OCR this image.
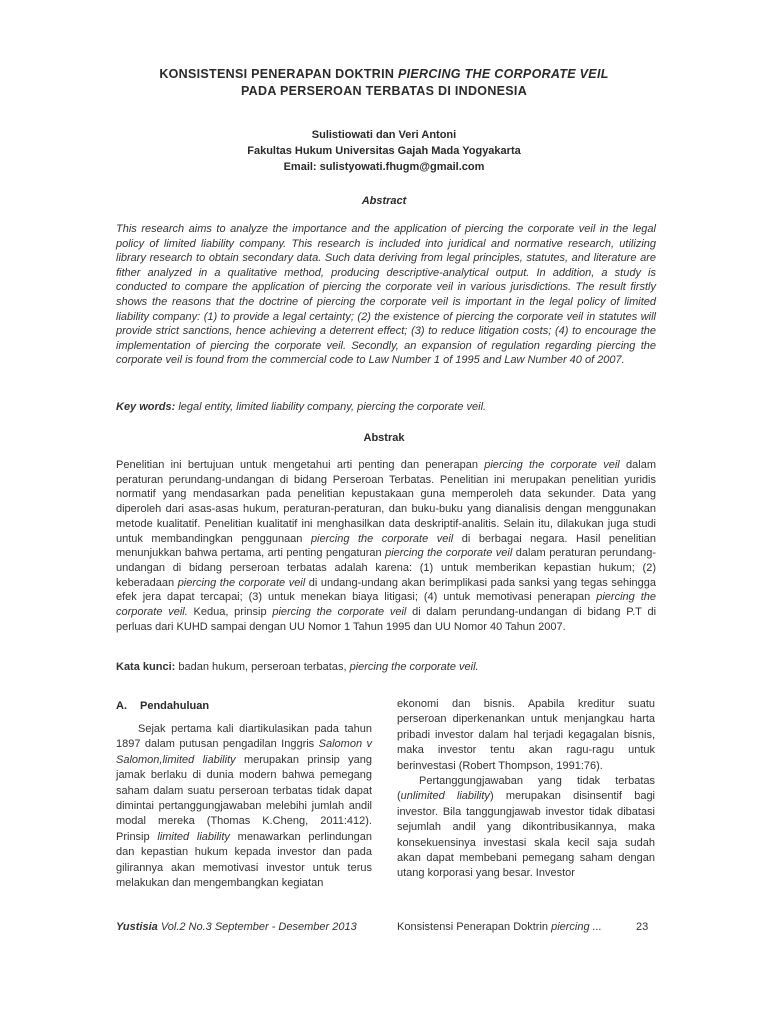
KONSISTENSI PENERAPAN DOKTRIN PIERCING THE CORPORATE VEIL
PADA PERSEROAN TERBATAS DI INDONESIA
Sulistiowati dan Veri Antoni
Fakultas Hukum Universitas Gajah Mada Yogyakarta
Email: sulistyowati.fhugm@gmail.com
Abstract

This research aims to analyze the importance and the application of piercing the corporate veil in the legal policy of limited liability company. This research is included into juridical and normative research, utilizing library research to obtain secondary data. Such data deriving from legal principles, statutes, and literature are fither analyzed in a qualitative method, producing descriptive-analytical output. In addition, a study is conducted to compare the application of piercing the corporate veil in various jurisdictions. The result firstly shows the reasons that the doctrine of piercing the corporate veil is important in the legal policy of limited liability company: (1) to provide a legal certainty; (2) the existence of piercing the corporate veil in statutes will provide strict sanctions, hence achieving a deterrent effect; (3) to reduce litigation costs; (4) to encourage the implementation of piercing the corporate veil. Secondly, an expansion of regulation regarding piercing the corporate veil is found from the commercial code to Law Number 1 of 1995 and Law Number 40 of 2007.

Key words: legal entity, limited liability company, piercing the corporate veil.
Abstrak

Penelitian ini bertujuan untuk mengetahui arti penting dan penerapan piercing the corporate veil dalam peraturan perundang-undangan di bidang Perseroan Terbatas. Penelitian ini merupakan penelitian yuridis normatif yang mendasarkan pada penelitian kepustakaan guna memperoleh data sekunder. Data yang diperoleh dari asas-asas hukum, peraturan-peraturan, dan buku-buku yang dianalisis dengan menggunakan metode kualitatif. Penelitian kualitatif ini menghasilkan data deskriptif-analitis. Selain itu, dilakukan juga studi untuk membandingkan penggunaan piercing the corporate veil di berbagai negara. Hasil penelitian menunjukkan bahwa pertama, arti penting pengaturan piercing the corporate veil dalam peraturan perundang-undangan di bidang perseroan terbatas adalah karena: (1) untuk memberikan kepastian hukum; (2) keberadaan piercing the corporate veil di undang-undang akan berimplikasi pada sanksi yang tegas sehingga efek jera dapat tercapai; (3) untuk menekan biaya litigasi; (4) untuk memotivasi penerapan piercing the corporate veil. Kedua, prinsip piercing the corporate veil di dalam perundang-undangan di bidang P.T di perluas dari KUHD sampai dengan UU Nomor 1 Tahun 1995 dan UU Nomor 40 Tahun 2007.

Kata kunci: badan hukum, perseroan terbatas, piercing the corporate veil.
A. Pendahuluan

Sejak pertama kali diartikulasikan pada tahun 1897 dalam putusan pengadilan Inggris Salomon v Salomon,limited liability merupakan prinsip yang jamak berlaku di dunia modern bahwa pemegang saham dalam suatu perseroan terbatas tidak dapat dimintai pertanggungjawaban melebihi jumlah andil modal mereka (Thomas K.Cheng, 2011:412). Prinsip limited liability menawarkan perlindungan dan kepastian hukum kepada investor dan pada gilirannya akan memotivasi investor untuk terus melakukan dan mengembangkan kegiatan

ekonomi dan bisnis. Apabila kreditur suatu perseroan diperkenankan untuk menjangkau harta pribadi investor dalam hal terjadi kegagalan bisnis, maka investor tentu akan ragu-ragu untuk berinvestasi (Robert Thompson, 1991:76).

Pertanggungjawaban yang tidak terbatas (unlimited liability) merupakan disinsentif bagi investor. Bila tanggungjawab investor tidak dibatasi sejumlah andil yang dikontribusikannya, maka konsekuensinya investasi skala kecil saja sudah akan dapat membebani pemegang saham dengan utang korporasi yang besar. Investor

Yustisia Vol.2 No.3 September - Desember 2013	Konsistensi Penerapan Doktrin piercing ...	23
